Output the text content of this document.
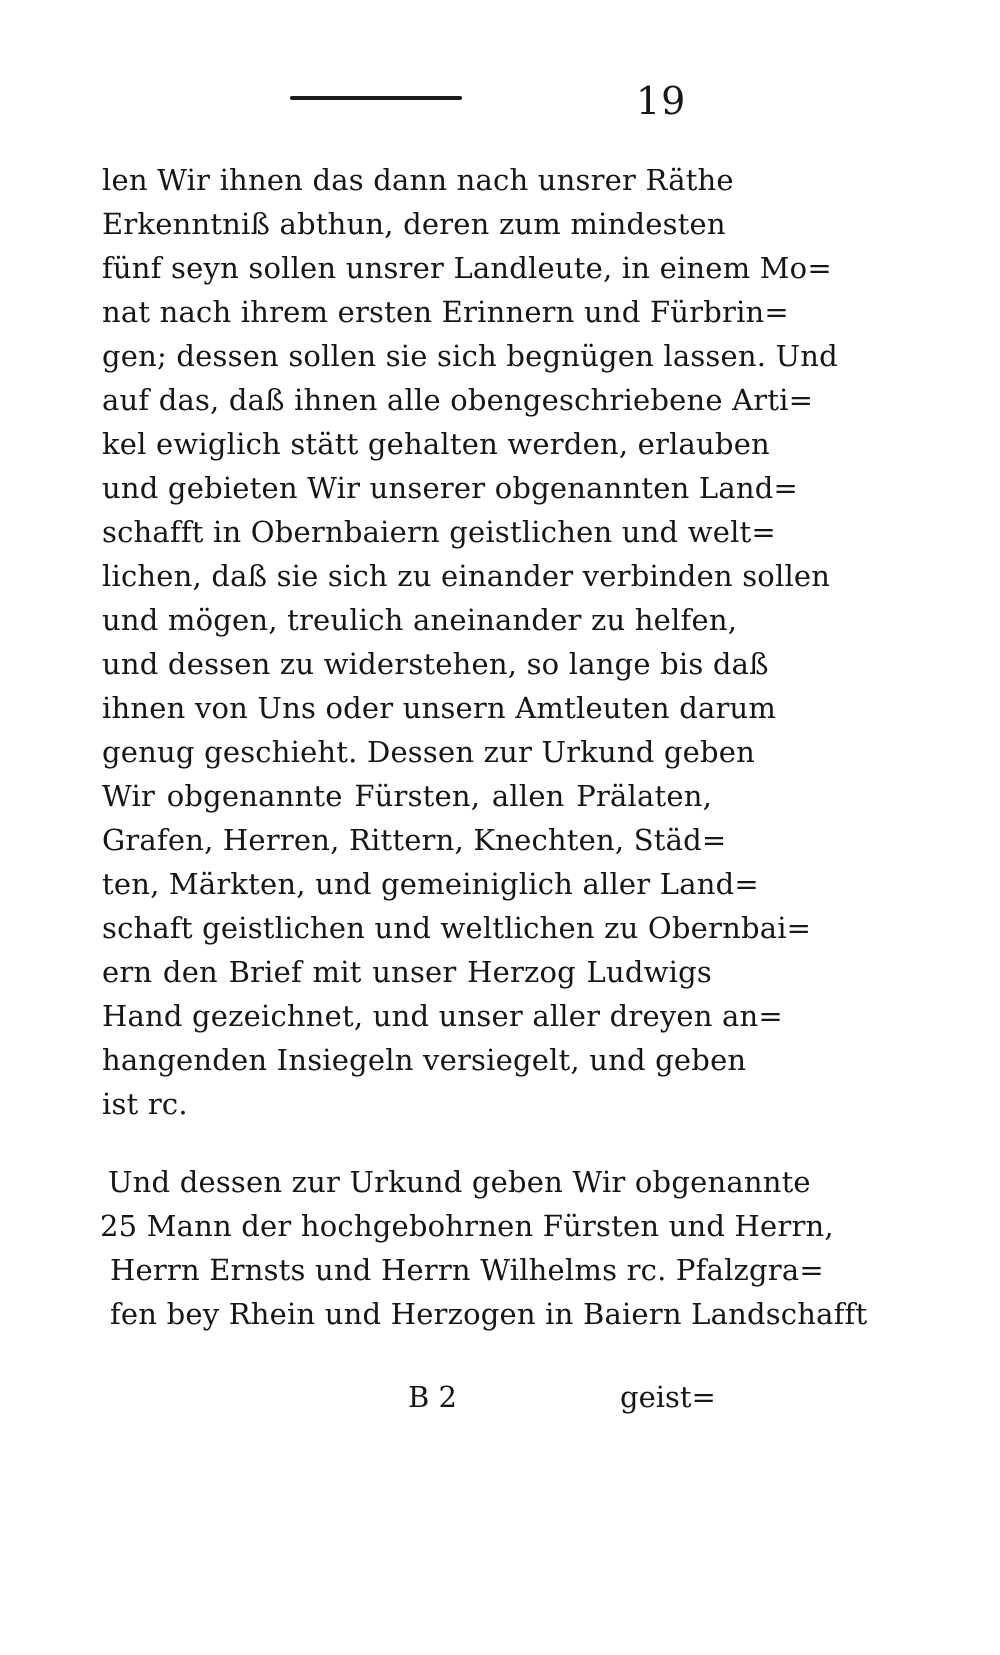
19
len Wir ihnen das dann nach unsrer Räthe
Erkenntniß abthun, deren zum mindesten
fünf seyn sollen unsrer Landleute, in einem Mo=
nat nach ihrem ersten Erinnern und Fürbrin=
gen; dessen sollen sie sich begnügen lassen. Und
auf das, daß ihnen alle obengeschriebene Arti=
kel ewiglich stätt gehalten werden, erlauben
und gebieten Wir unserer obgenannten Land=
schafft in Obernbaiern geistlichen und welt=
lichen, daß sie sich zu einander verbinden sollen
und mögen, treulich aneinander zu helfen,
und dessen zu widerstehen, so lange bis daß
ihnen von Uns oder unsern Amtleuten darum
genug geschieht. Dessen zur Urkund geben
Wir obgenannte Fürsten, allen Prälaten,
Grafen, Herren, Rittern, Knechten, Städ=
ten, Märkten, und gemeiniglich aller Land=
schaft geistlichen und weltlichen zu Obernbai=
ern den Brief mit unser Herzog Ludwigs
Hand gezeichnet, und unser aller dreyen an=
hangenden Insiegeln versiegelt, und geben
ist rc.
Und dessen zur Urkund geben Wir obgenannte
25 Mann der hochgebohrnen Fürsten und Herrn,
Herrn Ernsts und Herrn Wilhelms rc. Pfalzgra=
fen bey Rhein und Herzogen in Baiern Landschafft
B 2	geist=
